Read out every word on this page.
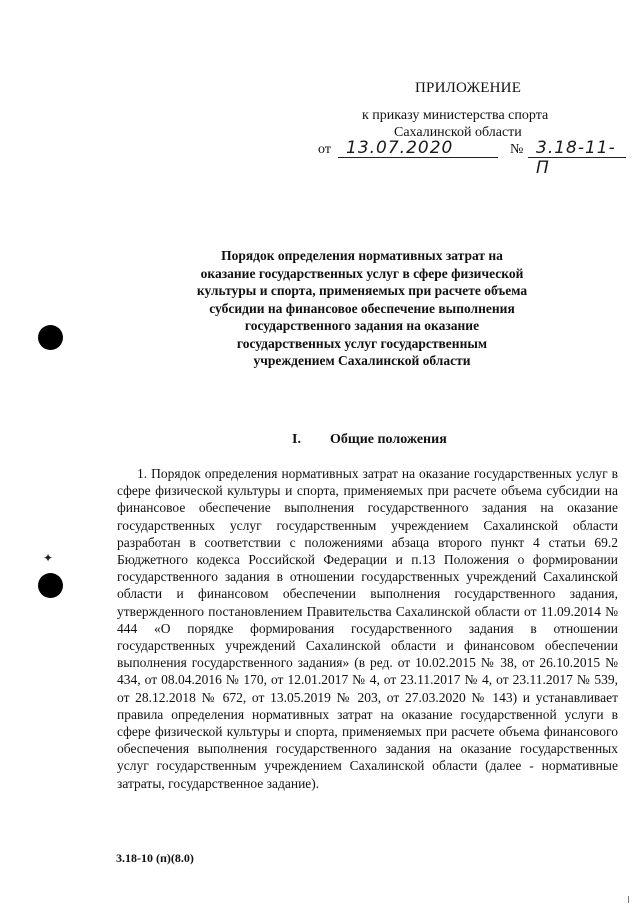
ПРИЛОЖЕНИЕ
к приказу министерства спорта
Сахалинской области
от 13.07.2020	№ 3.18-11-П
Порядок определения нормативных затрат на оказание государственных услуг в сфере физической культуры и спорта, применяемых при расчете объема субсидии на финансовое обеспечение выполнения государственного задания на оказание государственных услуг государственным учреждением Сахалинской области
I. Общие положения

1. Порядок определения нормативных затрат на оказание государственных услуг в сфере физической культуры и спорта, применяемых при расчете объема субсидии на финансовое обеспечение выполнения государственного задания на оказание государственных услуг государственным учреждением Сахалинской области разработан в соответствии с положениями абзаца второго пункт 4 статьи 69.2 Бюджетного кодекса Российской Федерации и п.13 Положения о формировании государственного задания в отношении государственных учреждений Сахалинской области и финансовом обеспечении выполнения государственного задания, утвержденного постановлением Правительства Сахалинской области от 11.09.2014 № 444 «О порядке формирования государственного задания в отношении государственных учреждений Сахалинской области и финансовом обеспечении выполнения государственного задания» (в ред. от 10.02.2015 № 38, от 26.10.2015 № 434, от 08.04.2016 № 170, от 12.01.2017 № 4, от 23.11.2017 № 4, от 23.11.2017 № 539, от 28.12.2018 № 672, от 13.05.2019 № 203, от 27.03.2020 № 143) и устанавливает правила определения нормативных затрат на оказание государственной услуги в сфере физической культуры и спорта, применяемых при расчете объема финансового обеспечения выполнения государственного задания на оказание государственных услуг государственным учреждением Сахалинской области (далее - нормативные затраты, государственное задание).

3.18-10 (п)(8.0)
✦
